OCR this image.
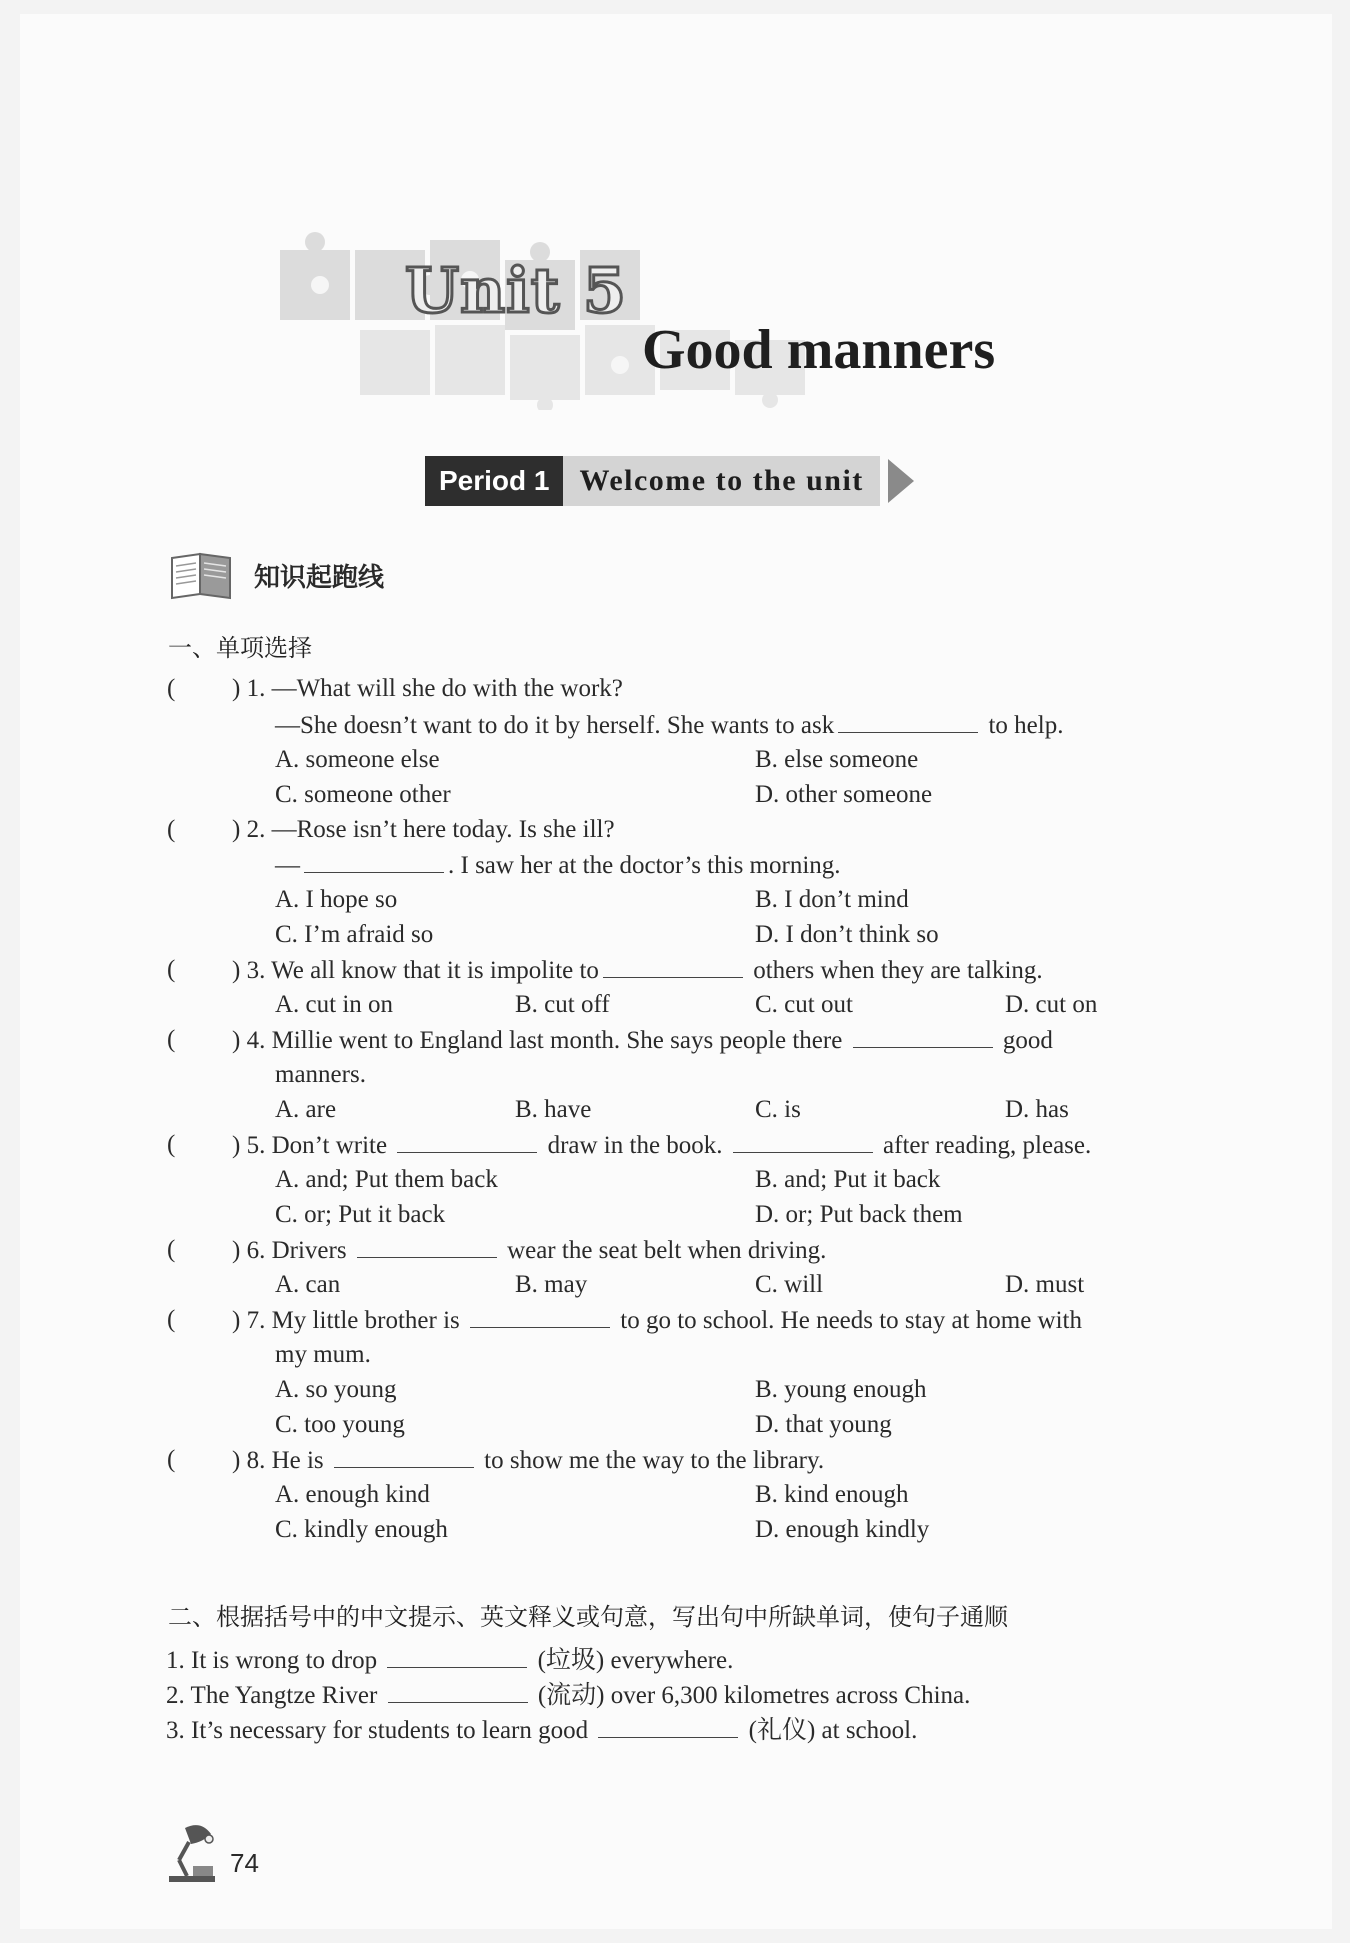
Unit 5
Good manners
Period 1	Welcome to the unit
知识起跑线
一、单项选择
( ) 1. —What will she do with the work?
—She doesn’t want to do it by herself. She wants to ask	to help.
A. someone else	B. else someone
C. someone other	D. other someone
( ) 2. —Rose isn’t here today. Is she ill?
—	. I saw her at the doctor’s this morning.
A. I hope so	B. I don’t mind
C. I’m afraid so	D. I don’t think so
( ) 3. We all know that it is impolite to	others when they are talking.
A. cut in on	B. cut off	C. cut out	D. cut on
( ) 4. Millie went to England last month. She says people there	good
manners.
A. are	B. have	C. is	D. has
( ) 5. Don’t write	draw in the book.	after reading, please.
A. and; Put them back	B. and; Put it back
C. or; Put it back	D. or; Put back them
( ) 6. Drivers	wear the seat belt when driving.
A. can	B. may	C. will	D. must
( ) 7. My little brother is	to go to school. He needs to stay at home with
my mum.
A. so young	B. young enough
C. too young	D. that young
( ) 8. He is	to show me the way to the library.
A. enough kind	B. kind enough
C. kindly enough	D. enough kindly
二、根据括号中的中文提示、英文释义或句意，写出句中所缺单词，使句子通顺
1. It is wrong to drop	(垃圾) everywhere.
2. The Yangtze River	(流动) over 6,300 kilometres across China.
3. It’s necessary for students to learn good	(礼仪) at school.
74
